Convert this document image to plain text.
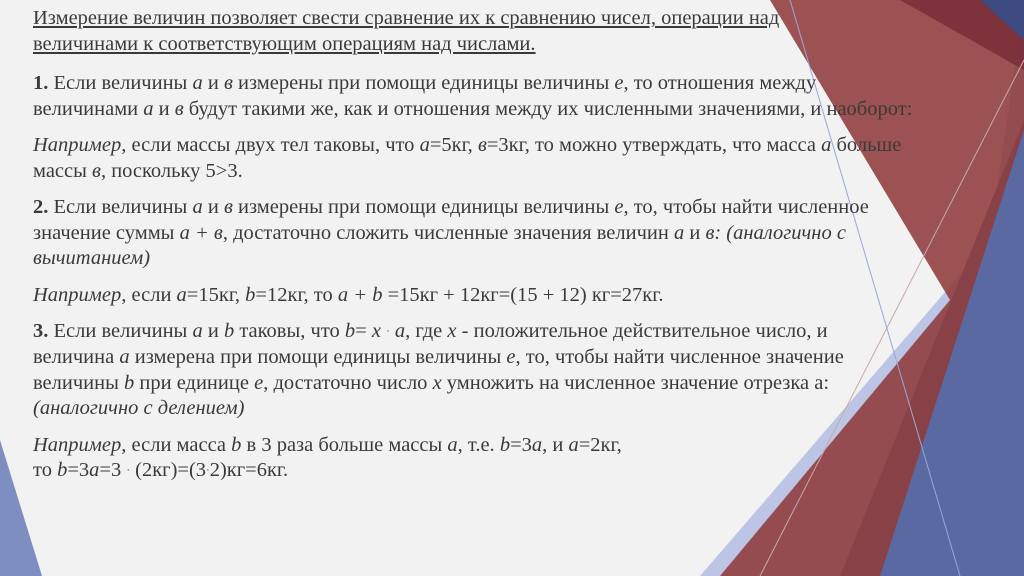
Измерение величин позволяет свести сравнение их к сравнению чисел, операции над
величинами к соответствующим операциям над числами.

1. Если величины а и в измерены при помощи единицы величины е, то отношения между величинами а и в будут такими же, как и отношения между их численными значениями, и наоборот:

Например, если массы двух тел таковы, что а=5кг, в=3кг, то можно утверждать, что масса а больше массы в, поскольку 5>3.

2. Если величины а и в измерены при помощи единицы величины е, то, чтобы найти численное значение суммы а + в, достаточно сложить численные значения величин а и в: (аналогично с вычитанием)

Например, если а=15кг, b=12кг, то а + b =15кг + 12кг=(15 + 12) кг=27кг.

3. Если величины а и b таковы, что b= x · а, где x - положительное действительное число, и величина а измерена при помощи единицы величины е, то, чтобы найти численное значение величины b при единице е, достаточно число x умножить на численное значение отрезка а: (аналогично с делением)

Например, если масса b в 3 раза больше массы а, т.е. b=3а, и а=2кг,
то b=3а=3 · (2кг)=(3·2)кг=6кг.
